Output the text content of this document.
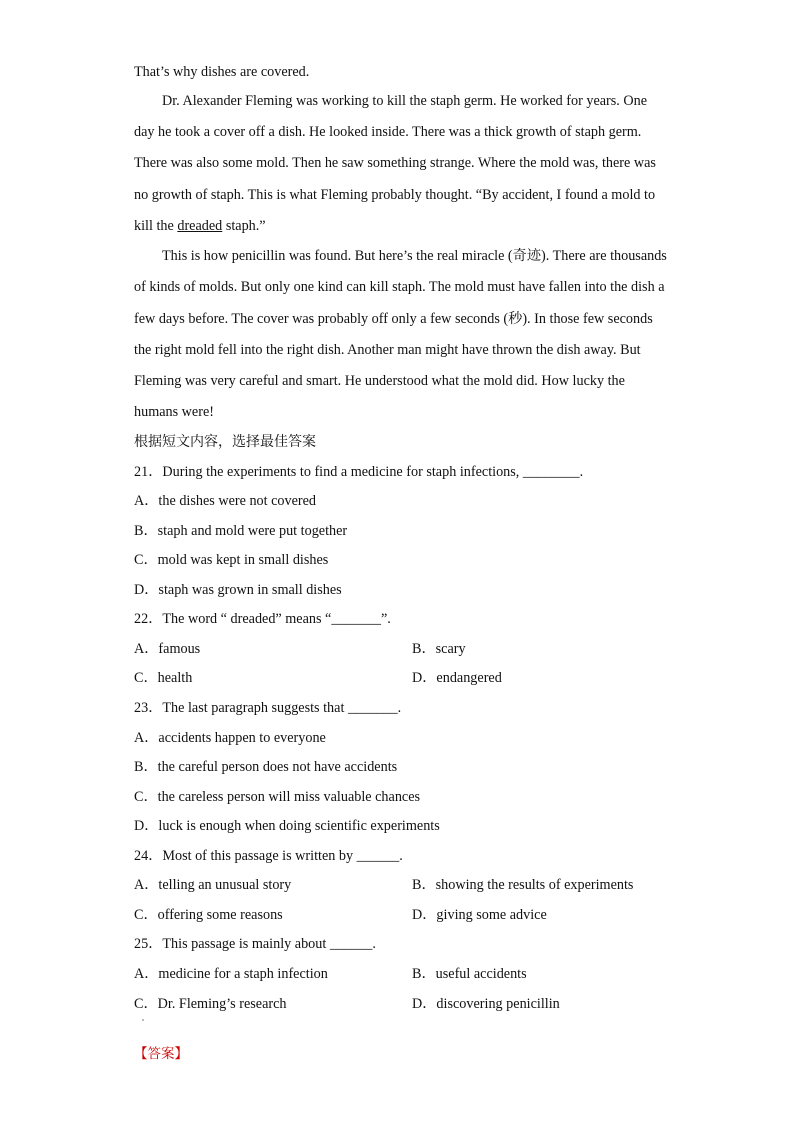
That’s why dishes are covered.
Dr. Alexander Fleming was working to kill the staph germ. He worked for years. One
day he took a cover off a dish. He looked inside. There was a thick growth of staph germ.
There was also some mold. Then he saw something strange. Where the mold was, there was
no growth of staph. This is what Fleming probably thought. “By accident, I found a mold to
kill the dreaded staph.”
This is how penicillin was found. But here’s the real miracle (奇迹). There are thousands
of kinds of molds. But only one kind can kill staph. The mold must have fallen into the dish a
few days before. The cover was probably off only a few seconds (秒). In those few seconds
the right mold fell into the right dish. Another man might have thrown the dish away. But
Fleming was very careful and smart. He understood what the mold did. How lucky the
humans were!
根据短文内容，选择最佳答案
21．During the experiments to find a medicine for staph infections, ________.
A．the dishes were not covered
B．staph and mold were put together
C．mold was kept in small dishes
D．staph was grown in small dishes
22．The word “ dreaded” means “_______”.
A．famous	B．scary
C．health	D．endangered
23．The last paragraph suggests that _______.
A．accidents happen to everyone
B．the careful person does not have accidents
C．the careless person will miss valuable chances
D．luck is enough when doing scientific experiments
24．Most of this passage is written by ______.
A．telling an unusual story	B．showing the results of experiments
C．offering some reasons	D．giving some advice
25．This passage is mainly about ______.
A．medicine for a staph infection	B．useful accidents
C．Dr. Fleming’s research	D．discovering penicillin
【答案】
